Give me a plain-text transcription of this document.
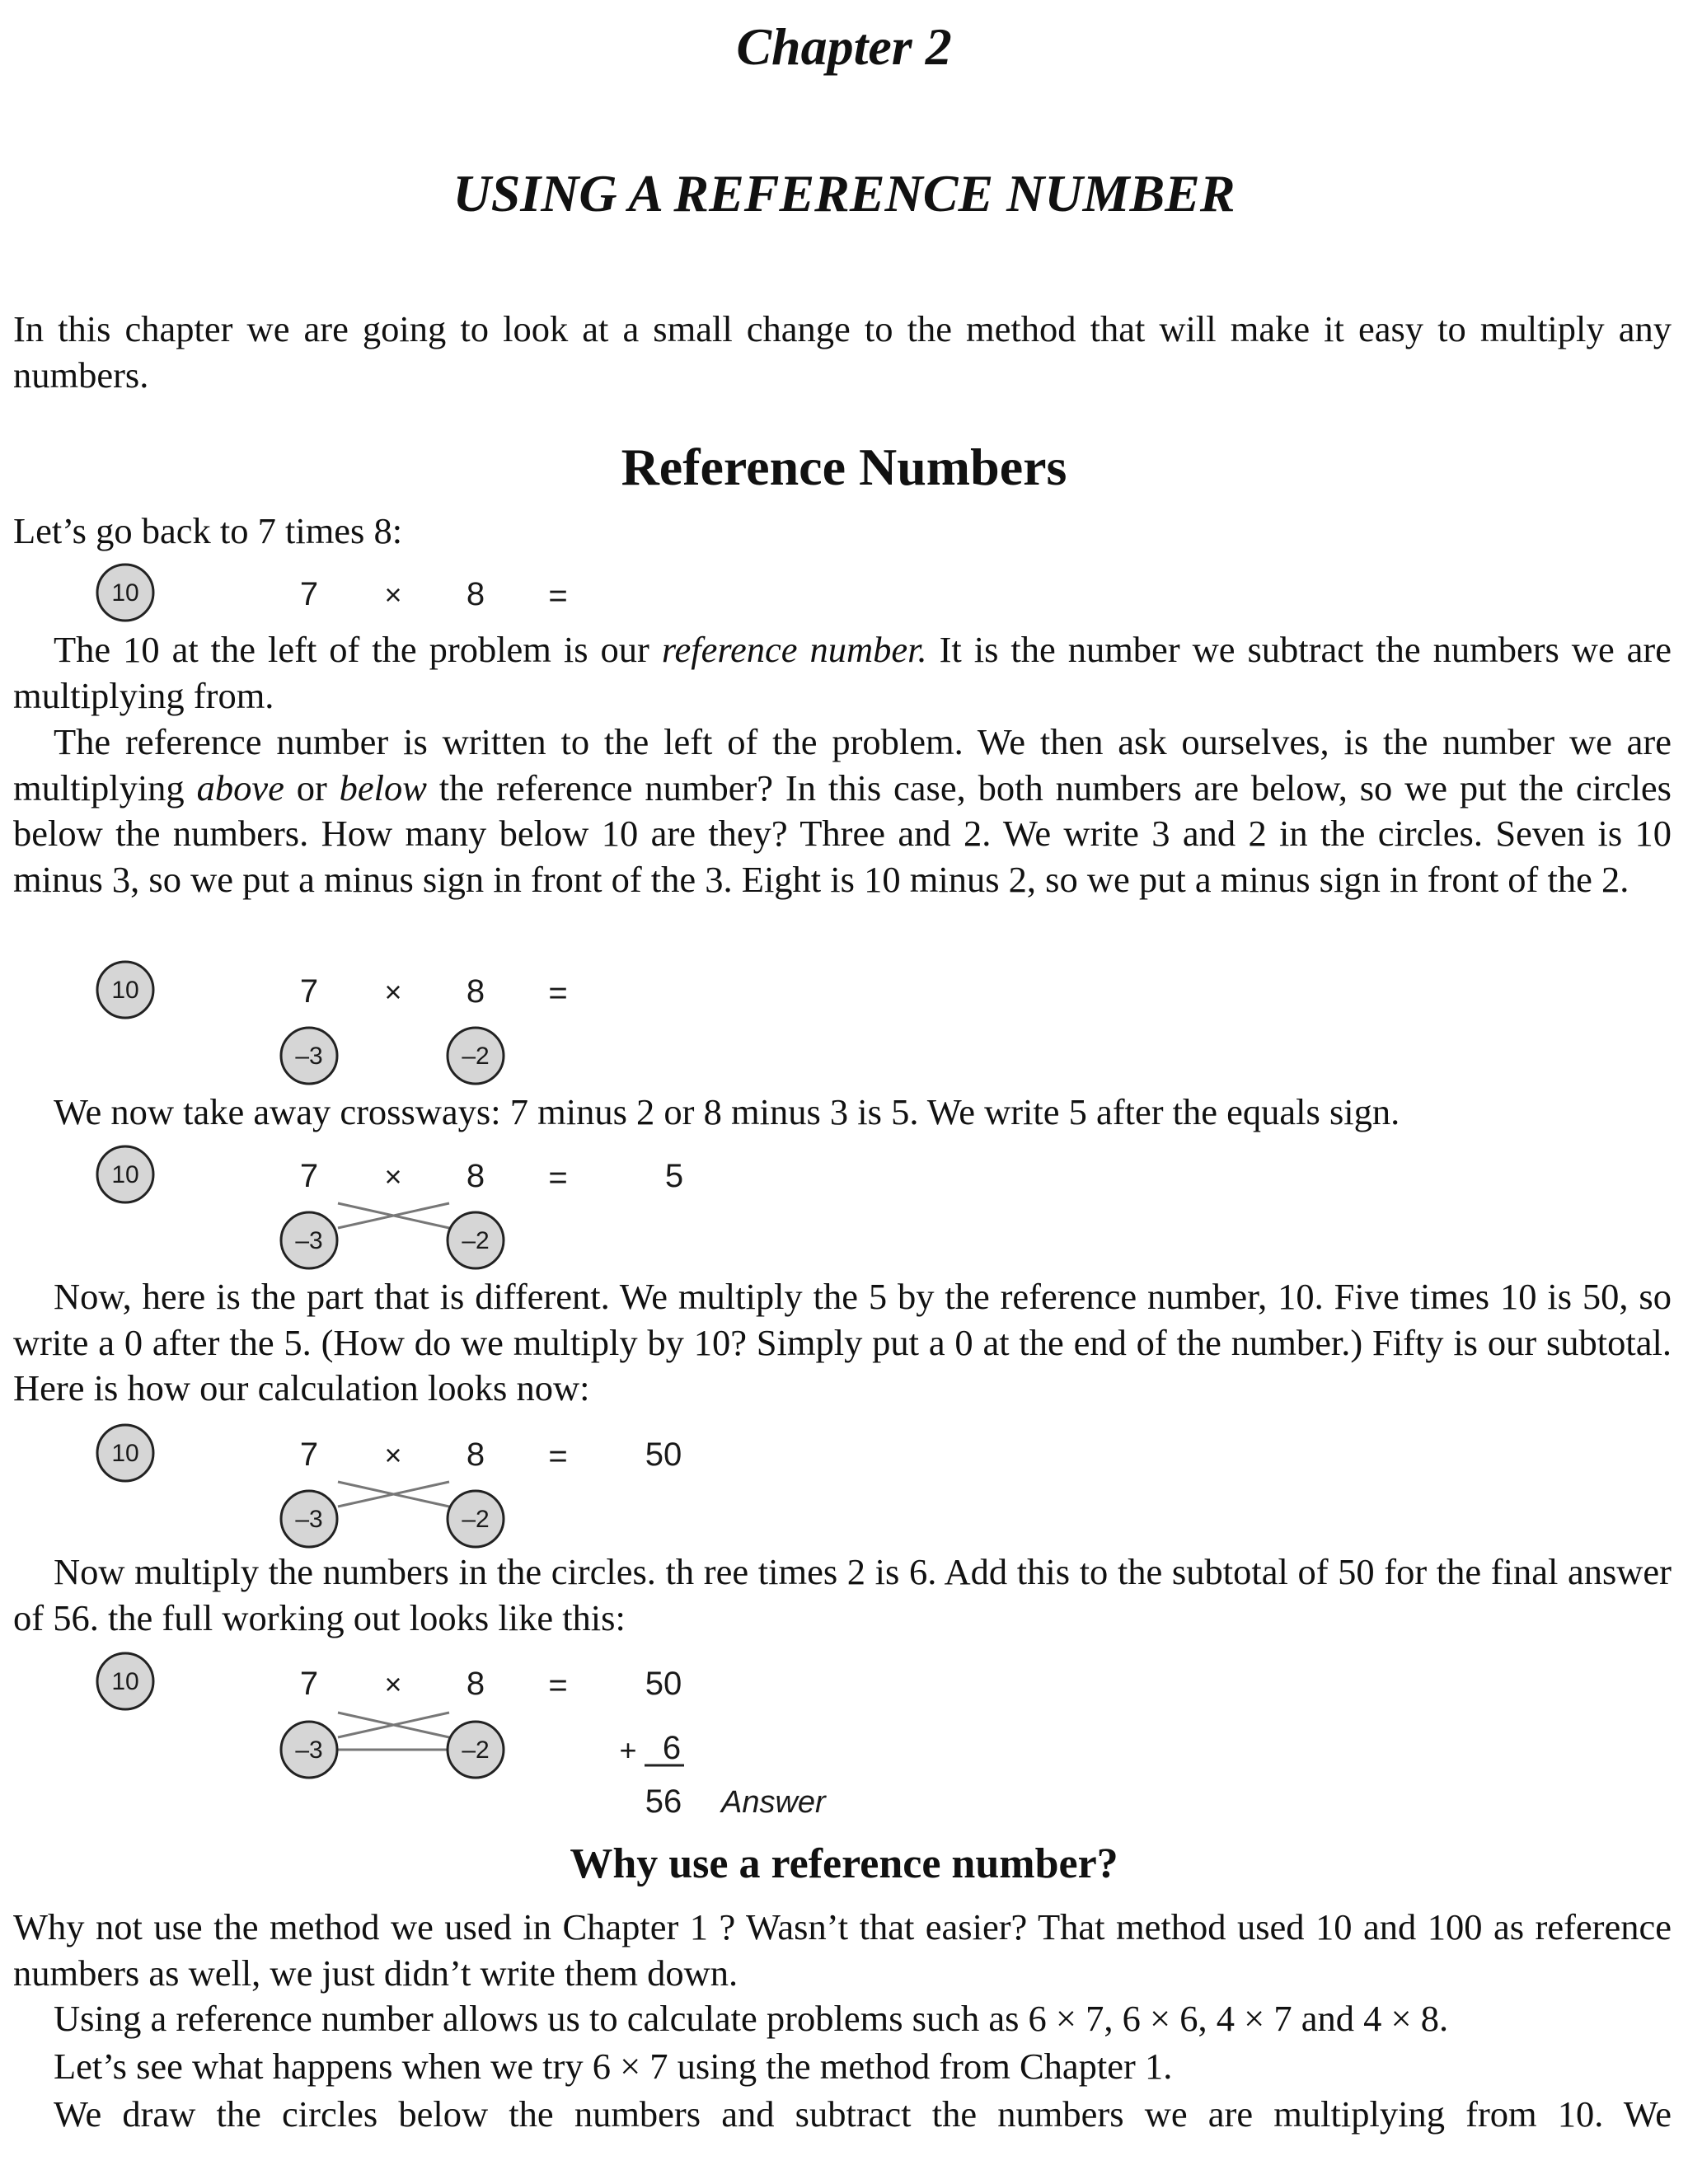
Chapter 2
USING A REFERENCE NUMBER

In this chapter we are going to look at a small change to the method that will make it easy to multiply any numbers.

Reference Numbers
Let’s go back to 7 times 8:
10	7 × 8 =

The 10 at the left of the problem is our reference number. It is the number we subtract the numbers we are multiplying from.

The reference number is written to the left of the problem. We then ask ourselves, is the number we are multiplying above or below the reference number? In this case, both numbers are below, so we put the circles below the numbers. How many below 10 are they? Three and 2. We write 3 and 2 in the circles. Seven is 10 minus 3, so we put a minus sign in front of the 3. Eight is 10 minus 2, so we put a minus sign in front of the 2.

10	7 × 8 =
–3	–2
We now take away crossways: 7 minus 2 or 8 minus 3 is 5. We write 5 after the equals sign.
10	7 × 8 =	5
–3	–2

Now, here is the part that is different. We multiply the 5 by the reference number, 10. Five times 10 is 50, so write a 0 after the 5. (How do we multiply by 10? Simply put a 0 at the end of the number.) Fifty is our subtotal. Here is how our calculation looks now:

10	7 × 8 = 50
–3	–2

Now multiply the numbers in the circles. th ree times 2 is 6. Add this to the subtotal of 50 for the final answer of 56. the full working out looks like this:

10	7 × 8 = 50
–3	–2	+ 6
56 Answer
Why use a reference number?

Why not use the method we used in Chapter 1 ? Wasn’t that easier? That method used 10 and 100 as reference numbers as well, we just didn’t write them down.

Using a reference number allows us to calculate problems such as 6 × 7, 6 × 6, 4 × 7 and 4 × 8.
Let’s see what happens when we try 6 × 7 using the method from Chapter 1.

We draw the circles below the numbers and subtract the numbers we are multiplying from 10. We
